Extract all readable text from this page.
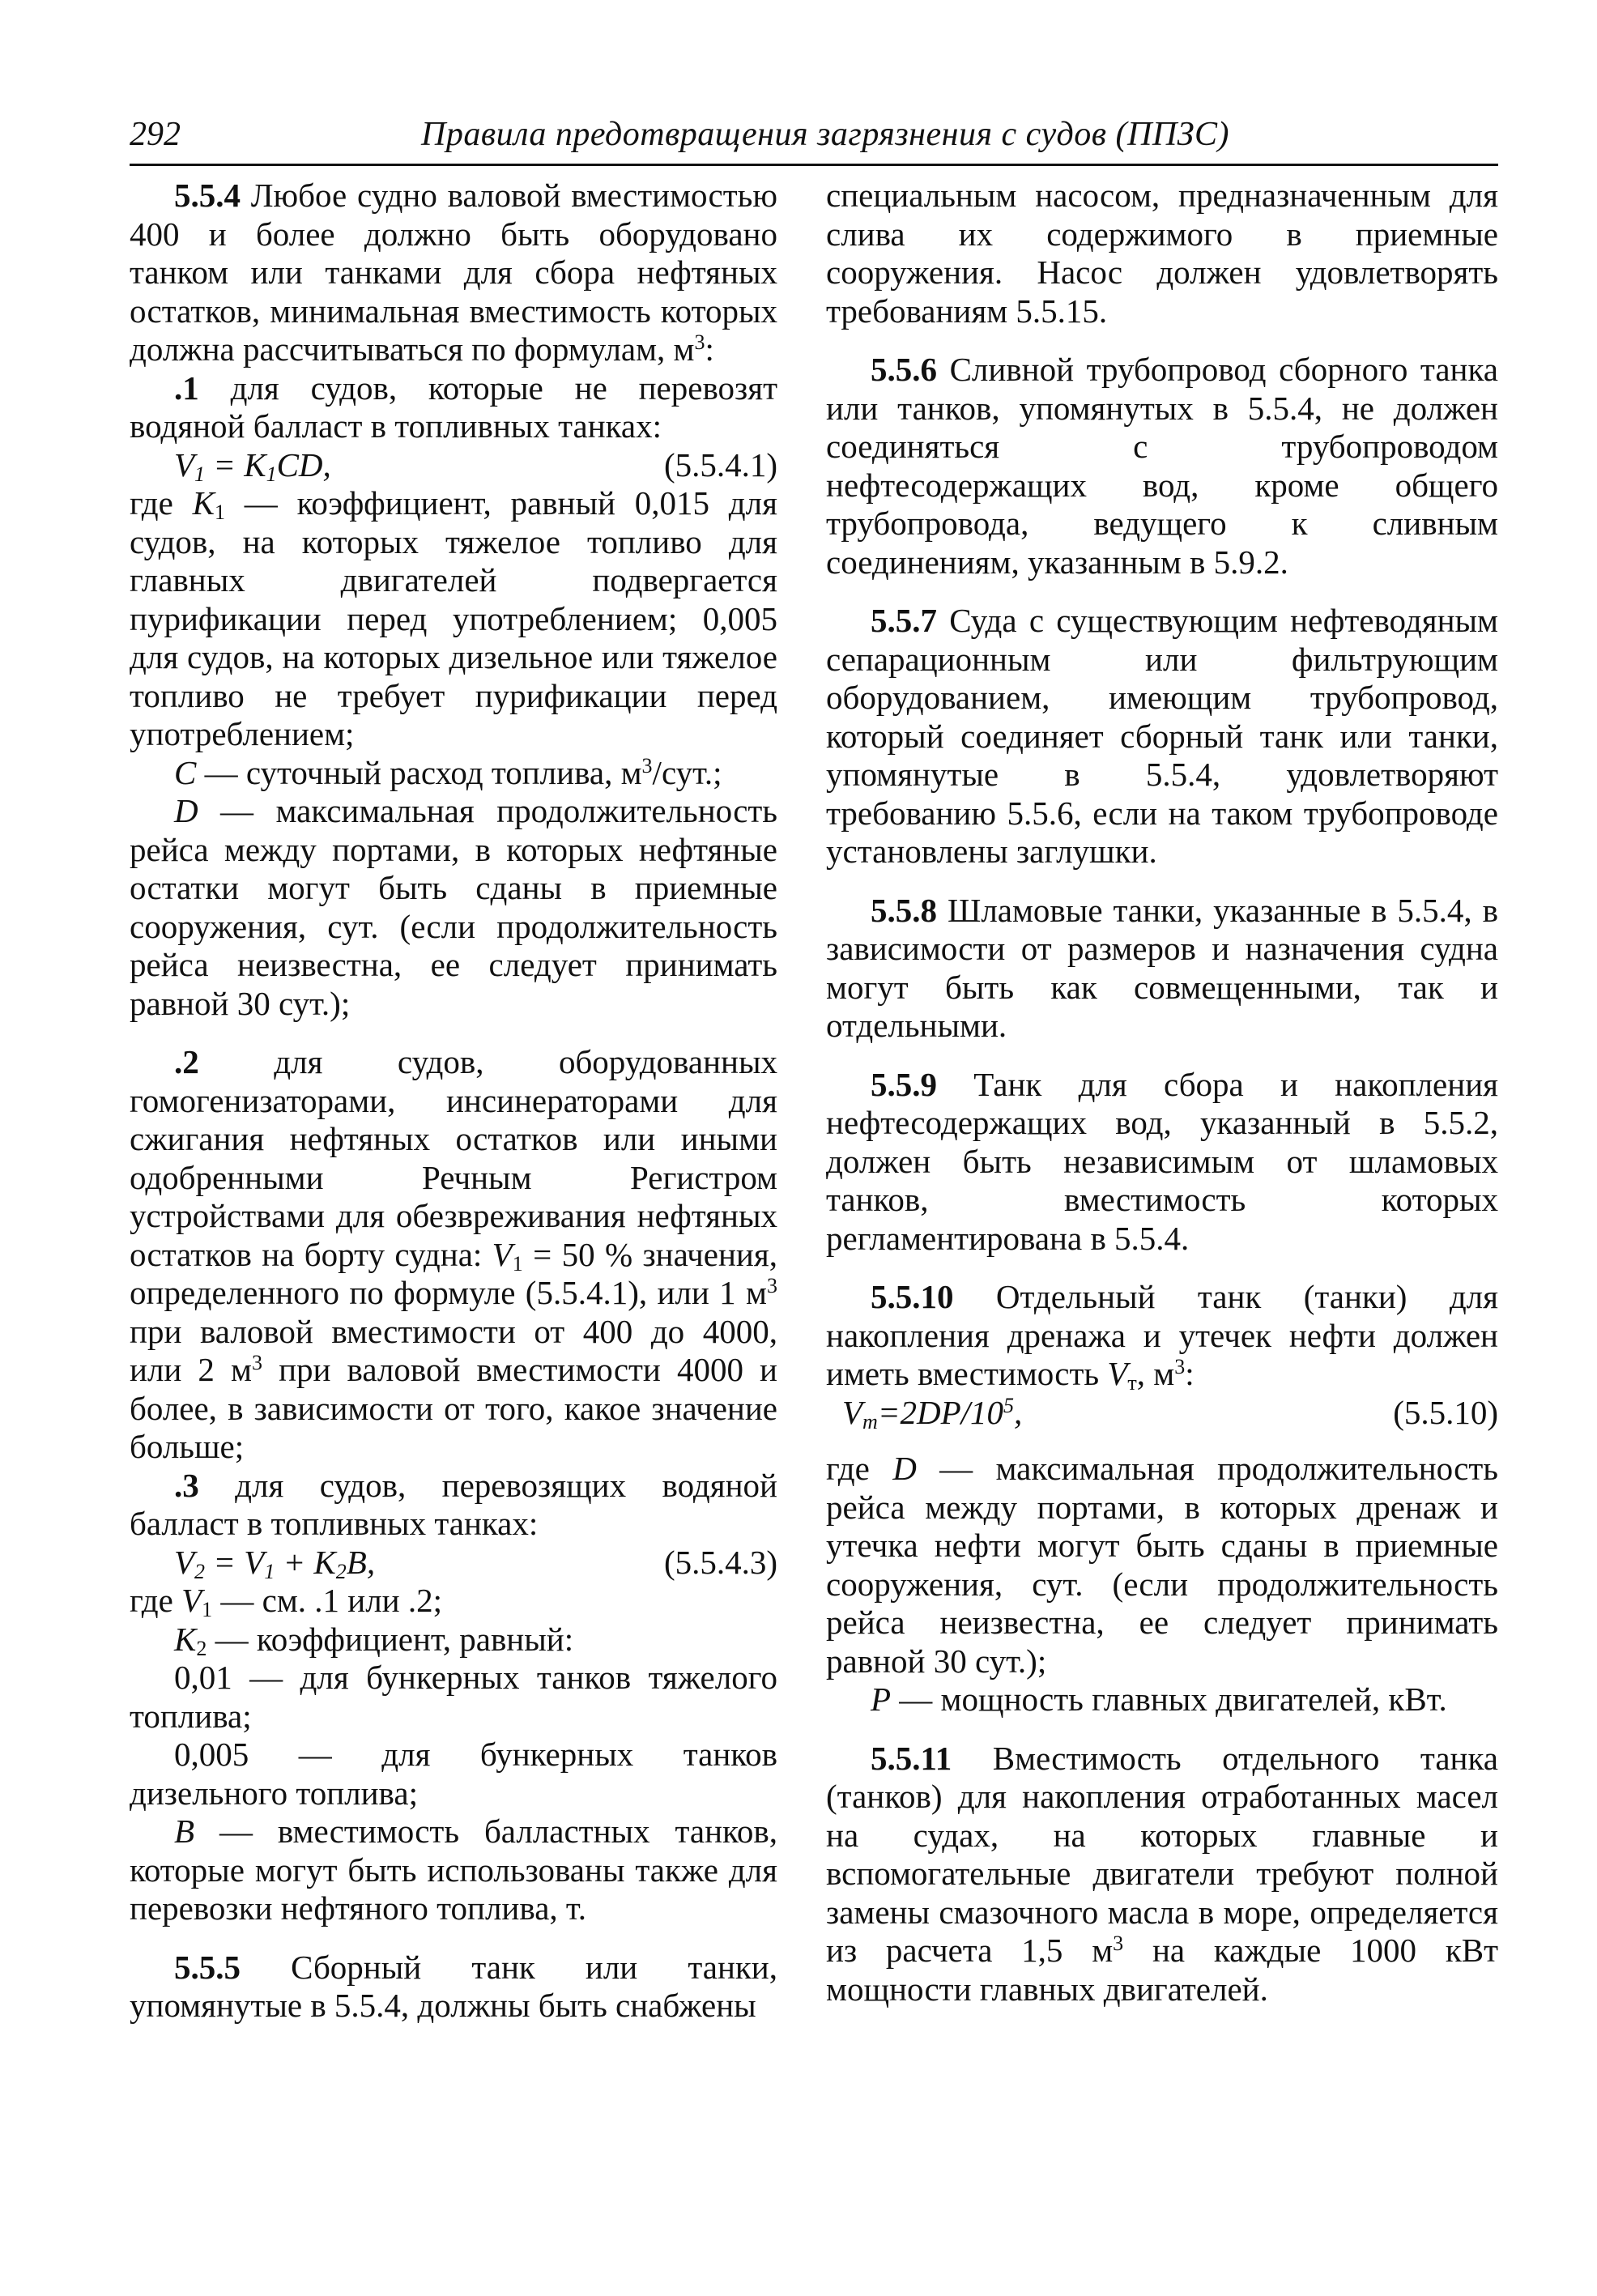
292	Правила предотвращения загрязнения с судов (ППЗС)

5.5.4 Любое судно валовой вместимостью 400 и более должно быть оборудовано танком или танками для сбора нефтяных остатков, минимальная вместимость которых должна рассчитываться по формулам, $м^3$:

.1 для судов, которые не перевозят водяной балласт в топливных танках:

$V_1 = K_1CD$,	(5.5.4.1)

где $K_1$ — коэффициент, равный 0,015 для судов, на которых тяжелое топливо для главных двигателей подвергается пурификации перед употреблением; 0,005 для судов, на которых дизельное или тяжелое топливо не требует пурификации перед употреблением;

C — суточный расход топлива, $м^3$/сут.;

D — максимальная продолжительность рейса между портами, в которых нефтяные остатки могут быть сданы в приемные сооружения, сут. (если продолжительность рейса неизвестна, ее следует принимать равной 30 сут.);

.2 для судов, оборудованных гомогенизаторами, инсинераторами для сжигания нефтяных остатков или иными одобренными Речным Регистром устройствами для обезвреживания нефтяных остатков на борту судна: $V_1 = 50$ % значения, определенного по формуле (5.5.4.1), или 1 $м^3$ при валовой вместимости от 400 до 4000, или 2 $м^3$ при валовой вместимости 4000 и более, в зависимости от того, какое значение больше;

.3 для судов, перевозящих водяной балласт в топливных танках:

$V_2 = V_1 + K_2B$,	(5.5.4.3)

где $V_1$ — см. .1 или .2;

$K_2$ — коэффициент, равный:

0,01 — для бункерных танков тяжелого топлива;

0,005 — для бункерных танков дизельного топлива;

B — вместимость балластных танков, которые могут быть использованы также для перевозки нефтяного топлива, т.

5.5.5 Сборный танк или танки, упомянутые в 5.5.4, должны быть снабжены

специальным насосом, предназначенным для слива их содержимого в приемные сооружения. Насос должен удовлетворять требованиям 5.5.15.

5.5.6 Сливной трубопровод сборного танка или танков, упомянутых в 5.5.4, не должен соединяться с трубопроводом нефтесодержащих вод, кроме общего трубопровода, ведущего к сливным соединениям, указанным в 5.9.2.

5.5.7 Суда с существующим нефтеводяным сепарационным или фильтрующим оборудованием, имеющим трубопровод, который соединяет сборный танк или танки, упомянутые в 5.5.4, удовлетворяют требованию 5.5.6, если на таком трубопроводе установлены заглушки.

5.5.8 Шламовые танки, указанные в 5.5.4, в зависимости от размеров и назначения судна могут быть как совмещенными, так и отдельными.

5.5.9 Танк для сбора и накопления нефтесодержащих вод, указанный в 5.5.2, должен быть независимым от шламовых танков, вместимость которых регламентирована в 5.5.4.

5.5.10 Отдельный танк (танки) для накопления дренажа и утечек нефти должен иметь вместимость $V_т$, $м^3$:

$V_т=2DP/10^5$,	(5.5.10)

где D — максимальная продолжительность рейса между портами, в которых дренаж и утечка нефти могут быть сданы в приемные сооружения, сут. (если продолжительность рейса неизвестна, ее следует принимать равной 30 сут.);

P — мощность главных двигателей, кВт.

5.5.11 Вместимость отдельного танка (танков) для накопления отработанных масел на судах, на которых главные и вспомогательные двигатели требуют полной замены смазочного масла в море, определяется из расчета 1,5 $м^3$ на каждые 1000 кВт мощности главных двигателей.
